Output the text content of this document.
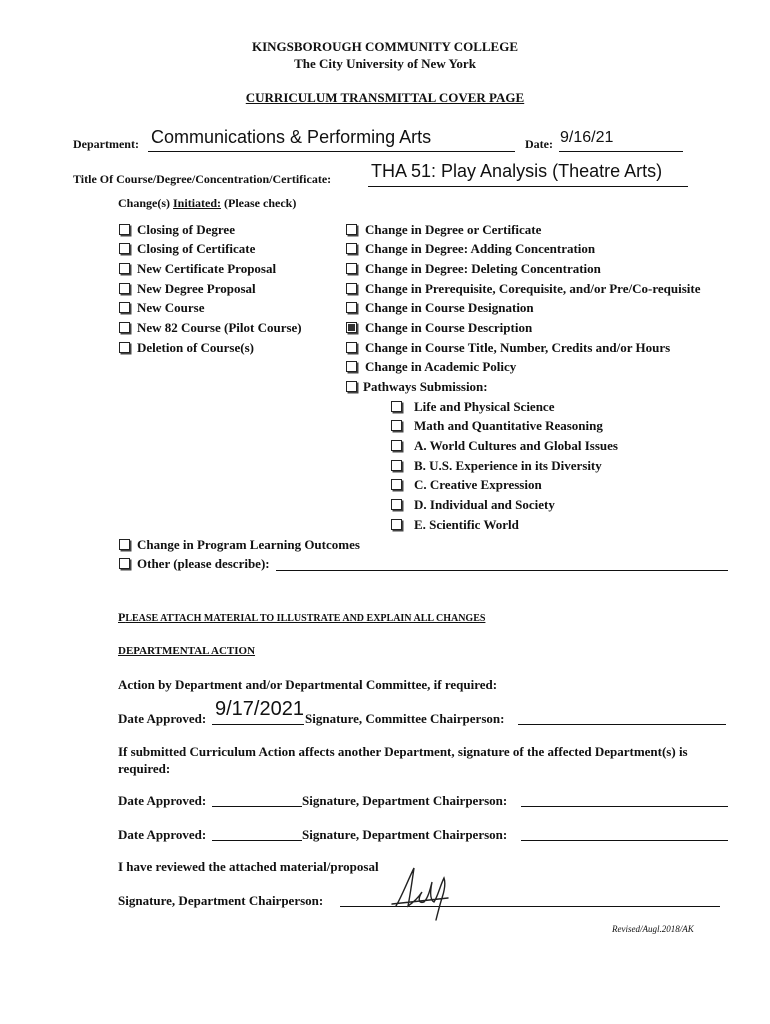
KINGSBOROUGH COMMUNITY COLLEGE
The City University of New York
CURRICULUM TRANSMITTAL COVER PAGE
Department: Communications & Performing Arts	Date: 9/16/21
Title Of Course/Degree/Concentration/Certificate: THA 51: Play Analysis (Theatre Arts)
Change(s) Initiated: (Please check)
Closing of Degree
Closing of Certificate
New Certificate Proposal
New Degree Proposal
New Course
New 82 Course (Pilot Course)
Deletion of Course(s)
Change in Degree or Certificate
Change in Degree: Adding Concentration
Change in Degree: Deleting Concentration
Change in Prerequisite, Corequisite, and/or Pre/Co-requisite
Change in Course Designation
Change in Course Description
Change in Course Title, Number, Credits and/or Hours
Change in Academic Policy
Pathways Submission:
Life and Physical Science
Math and Quantitative Reasoning
A. World Cultures and Global Issues
B. U.S. Experience in its Diversity
C. Creative Expression
D. Individual and Society
E. Scientific World
Change in Program Learning Outcomes
Other (please describe):
PLEASE ATTACH MATERIAL TO ILLUSTRATE AND EXPLAIN ALL CHANGES
DEPARTMENTAL ACTION
Action by Department and/or Departmental Committee, if required:
Date Approved: 9/17/2021 Signature, Committee Chairperson:
If submitted Curriculum Action affects another Department, signature of the affected Department(s) is required:
Date Approved:	Signature, Department Chairperson:
Date Approved:	Signature, Department Chairperson:
I have reviewed the attached material/proposal
Signature, Department Chairperson:
Revised/Augl.2018/AK
